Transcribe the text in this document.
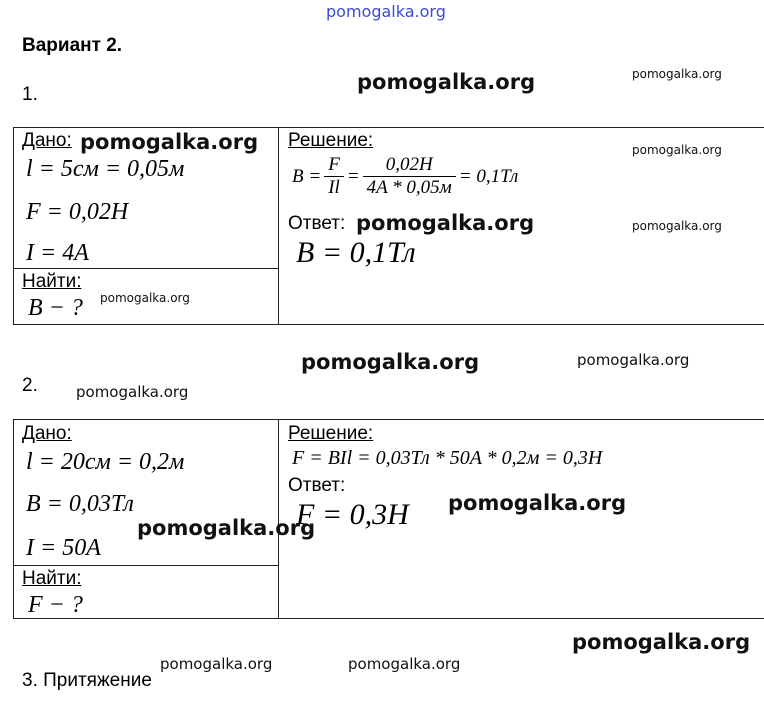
pomogalka.org
pomogalka.org	pomogalka.org
pomogalka.org
pomogalka.org
pomogalka.org
pomogalka.org	pomogalka.org
pomogalka.org
pomogalka.org
pomogalka.org	pomogalka.org
Вариант 2.
1.
Дано: pomogalka.org
l = 5см = 0,05м
F = 0,02Н
I = 4A
Найти:
B − ?
Решение:
$B = \frac{F}{Il} = \frac{0,02Н}{4A * 0,05м} = 0,1Тл$
Ответ: pomogalka.org
B = 0,1Тл
2.
Дано:
l = 20см = 0,2м
B = 0,03Тл
pomogalka.org
I = 50A
Найти:
F − ?
Решение:
F = BIl = 0,03Тл * 50A * 0,2м = 0,3Н
Ответ:
F = 0,3Н pomogalka.org
3. Притяжение
